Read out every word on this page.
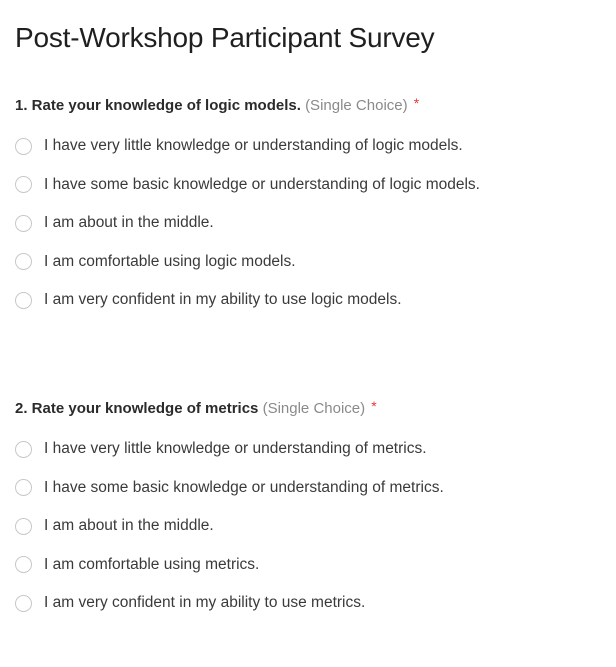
Post-Workshop Participant Survey
1. Rate your knowledge of logic models. (Single Choice) *
I have very little knowledge or understanding of logic models.
I have some basic knowledge or understanding of logic models.
I am about in the middle.
I am comfortable using logic models.
I am very confident in my ability to use logic models.
2. Rate your knowledge of metrics (Single Choice) *
I have very little knowledge or understanding of metrics.
I have some basic knowledge or understanding of metrics.
I am about in the middle.
I am comfortable using metrics.
I am very confident in my ability to use metrics.
